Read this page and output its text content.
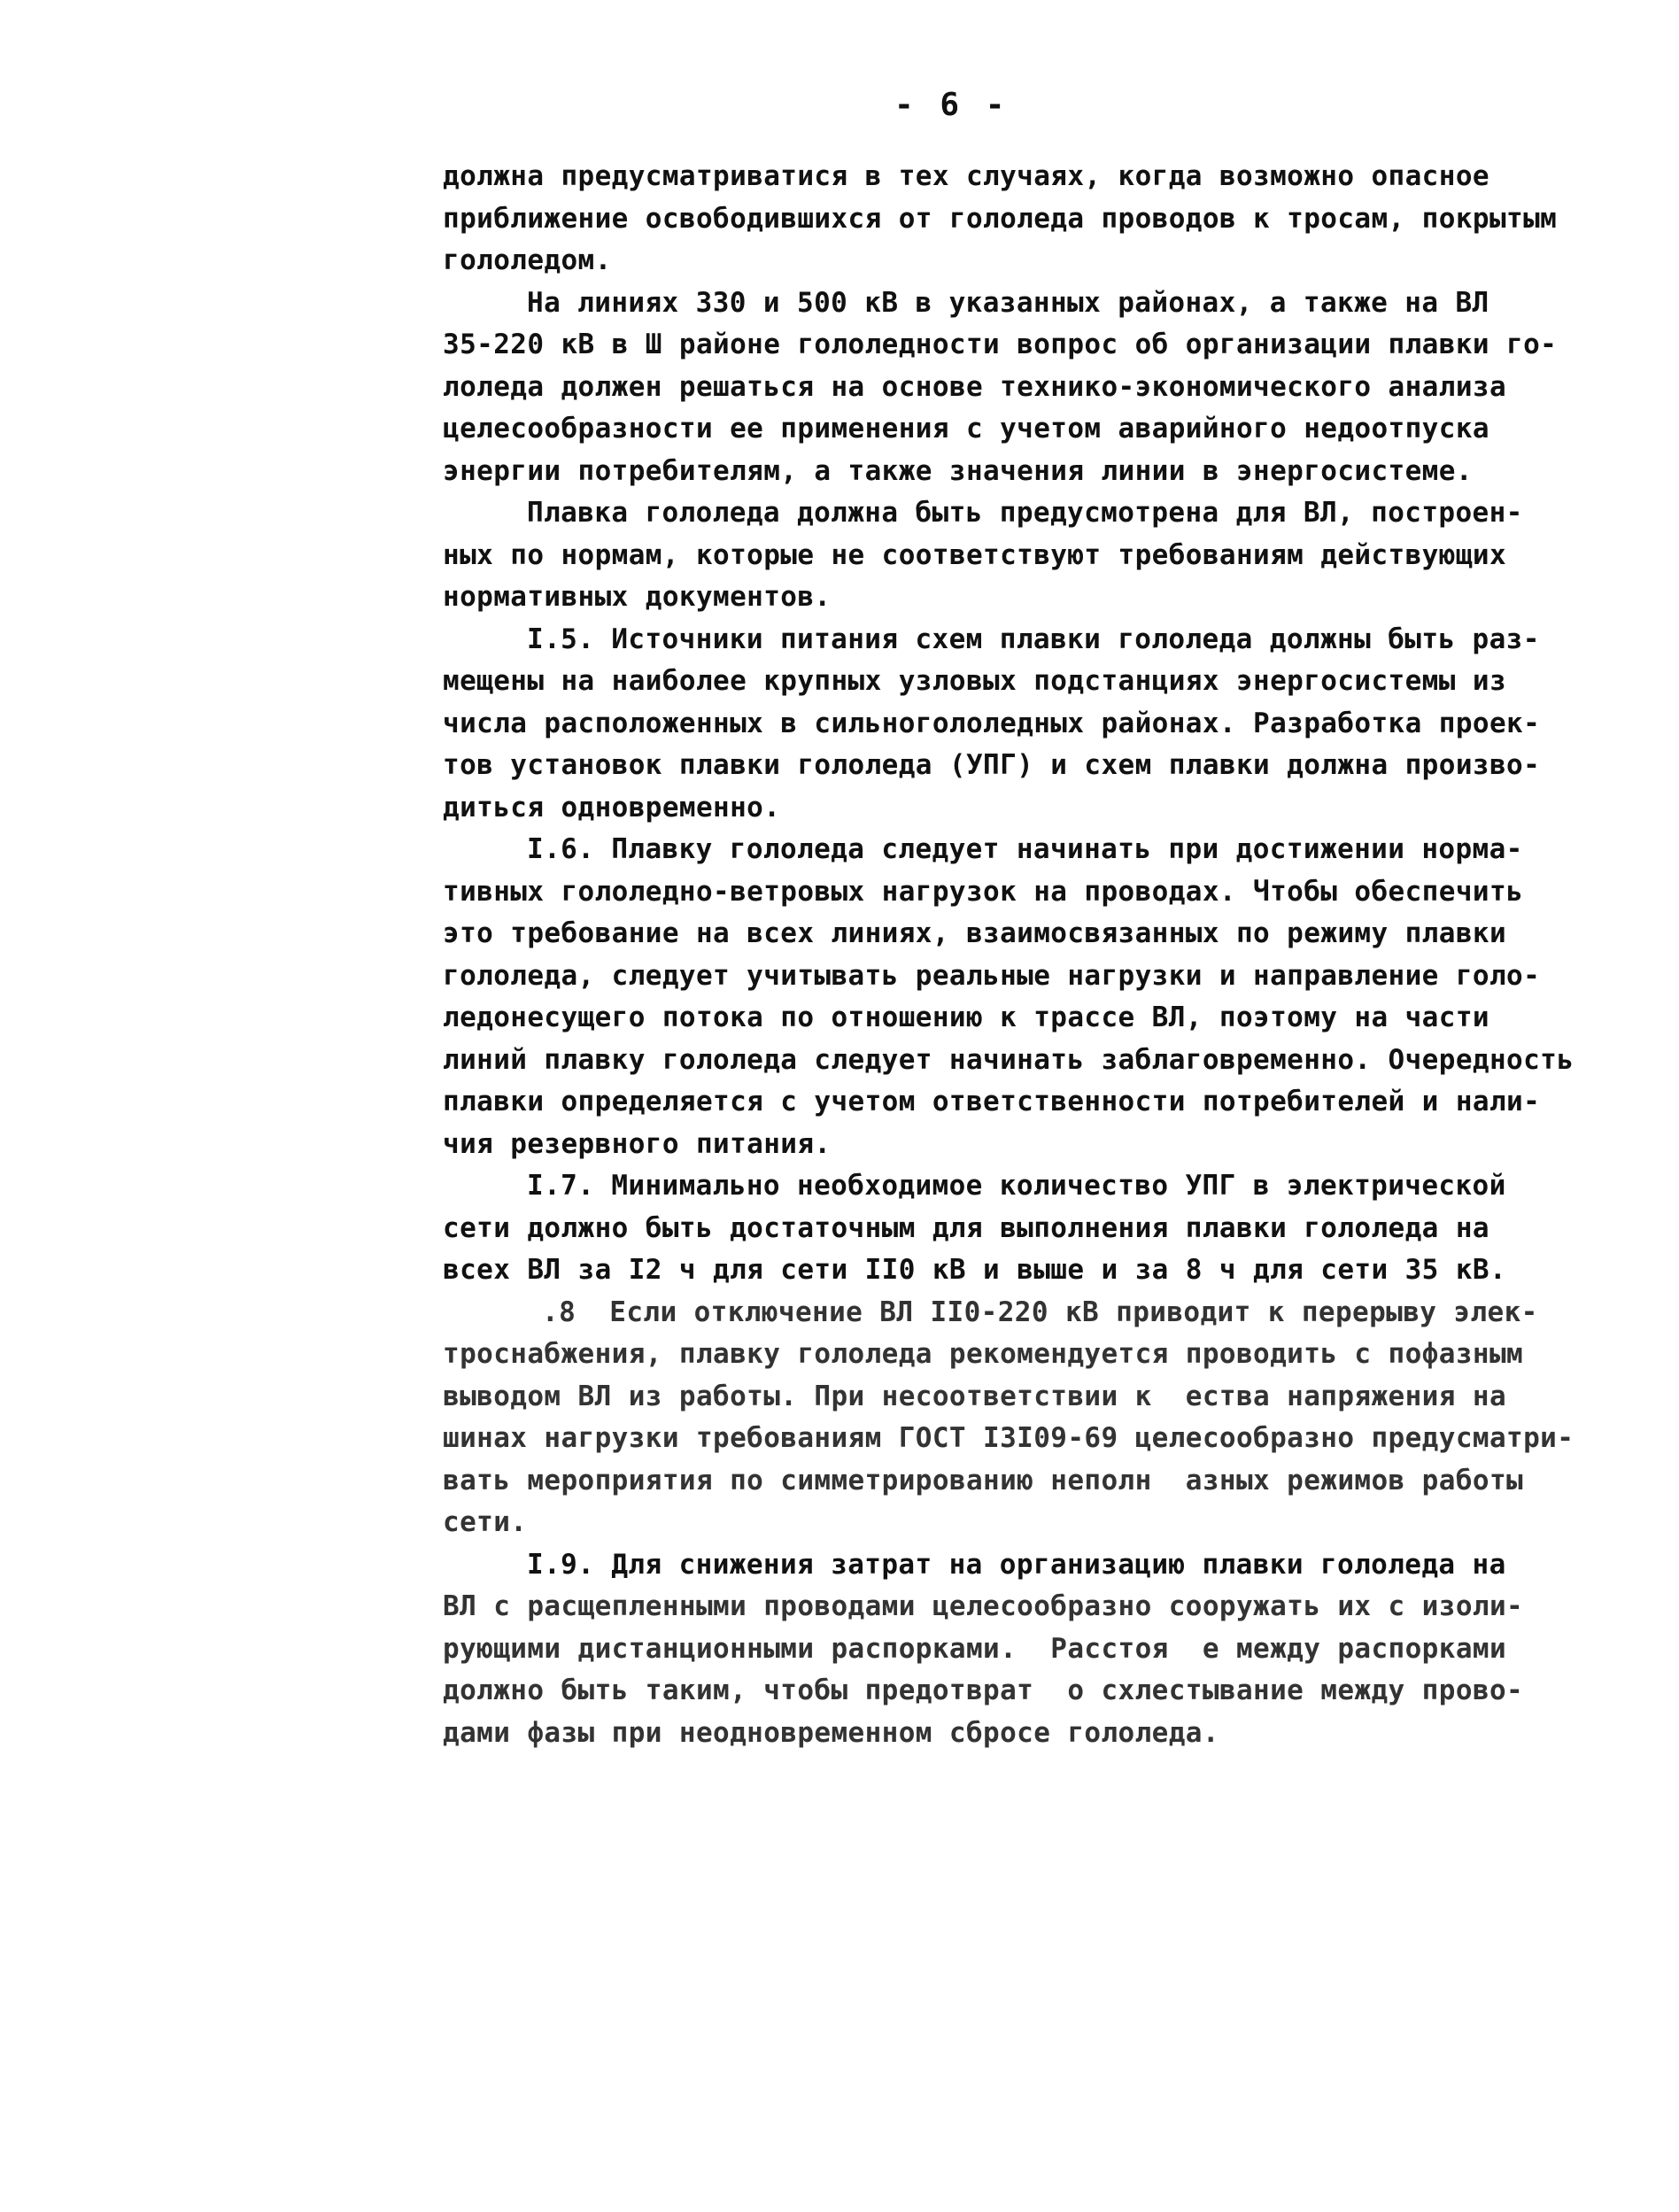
- 6 -
должна предусматриватися в тех случаях, когда возможно опасное
приближение освободившихся от гололеда проводов к тросам, покрытым
гололедом.
На линиях 330 и 500 кВ в указанных районах, а также на ВЛ
35-220 кВ в Ш районе гололедности вопрос об организации плавки го-
лоледа должен решаться на основе технико-экономического анализа
целесообразности ее применения с учетом аварийного недоотпуска
энергии потребителям, а также значения линии в энергосистеме.
Плавка гололеда должна быть предусмотрена для ВЛ, построен-
ных по нормам, которые не соответствуют требованиям действующих
нормативных документов.
I.5. Источники питания схем плавки гололеда должны быть раз-
мещены на наиболее крупных узловых подстанциях энергосистемы из
числа расположенных в сильногололедных районах. Разработка проек-
тов установок плавки гололеда (УПГ) и схем плавки должна произво-
диться одновременно.
I.6. Плавку гололеда следует начинать при достижении норма-
тивных гололедно-ветровых нагрузок на проводах. Чтобы обеспечить
это требование на всех линиях, взаимосвязанных по режиму плавки
гололеда, следует учитывать реальные нагрузки и направление голо-
ледонесущего потока по отношению к трассе ВЛ, поэтому на части
линий плавку гололеда следует начинать заблаговременно. Очередность
плавки определяется с учетом ответственности потребителей и нали-
чия резервного питания.
I.7. Минимально необходимое количество УПГ в электрической
сети должно быть достаточным для выполнения плавки гололеда на
всех ВЛ за I2 ч для сети II0 кВ и выше и за 8 ч для сети 35 кВ.
.8  Если отключение ВЛ II0-220 кВ приводит к перерыву элек-
троснабжения, плавку гололеда рекомендуется проводить с пофазным
выводом ВЛ из работы. При несоответствии к  ества напряжения на
шинах нагрузки требованиям ГОСТ I3I09-69 целесообразно предусматри-
вать мероприятия по симметрированию неполн  азных режимов работы
сети.
I.9. Для снижения затрат на организацию плавки гололеда на
ВЛ с расщепленными проводами целесообразно сооружать их с изоли-
рующими дистанционными распорками.  Расстоя  е между распорками
должно быть таким, чтобы предотврат  о схлестывание между прово-
дами фазы при неодновременном сбросе гололеда.
